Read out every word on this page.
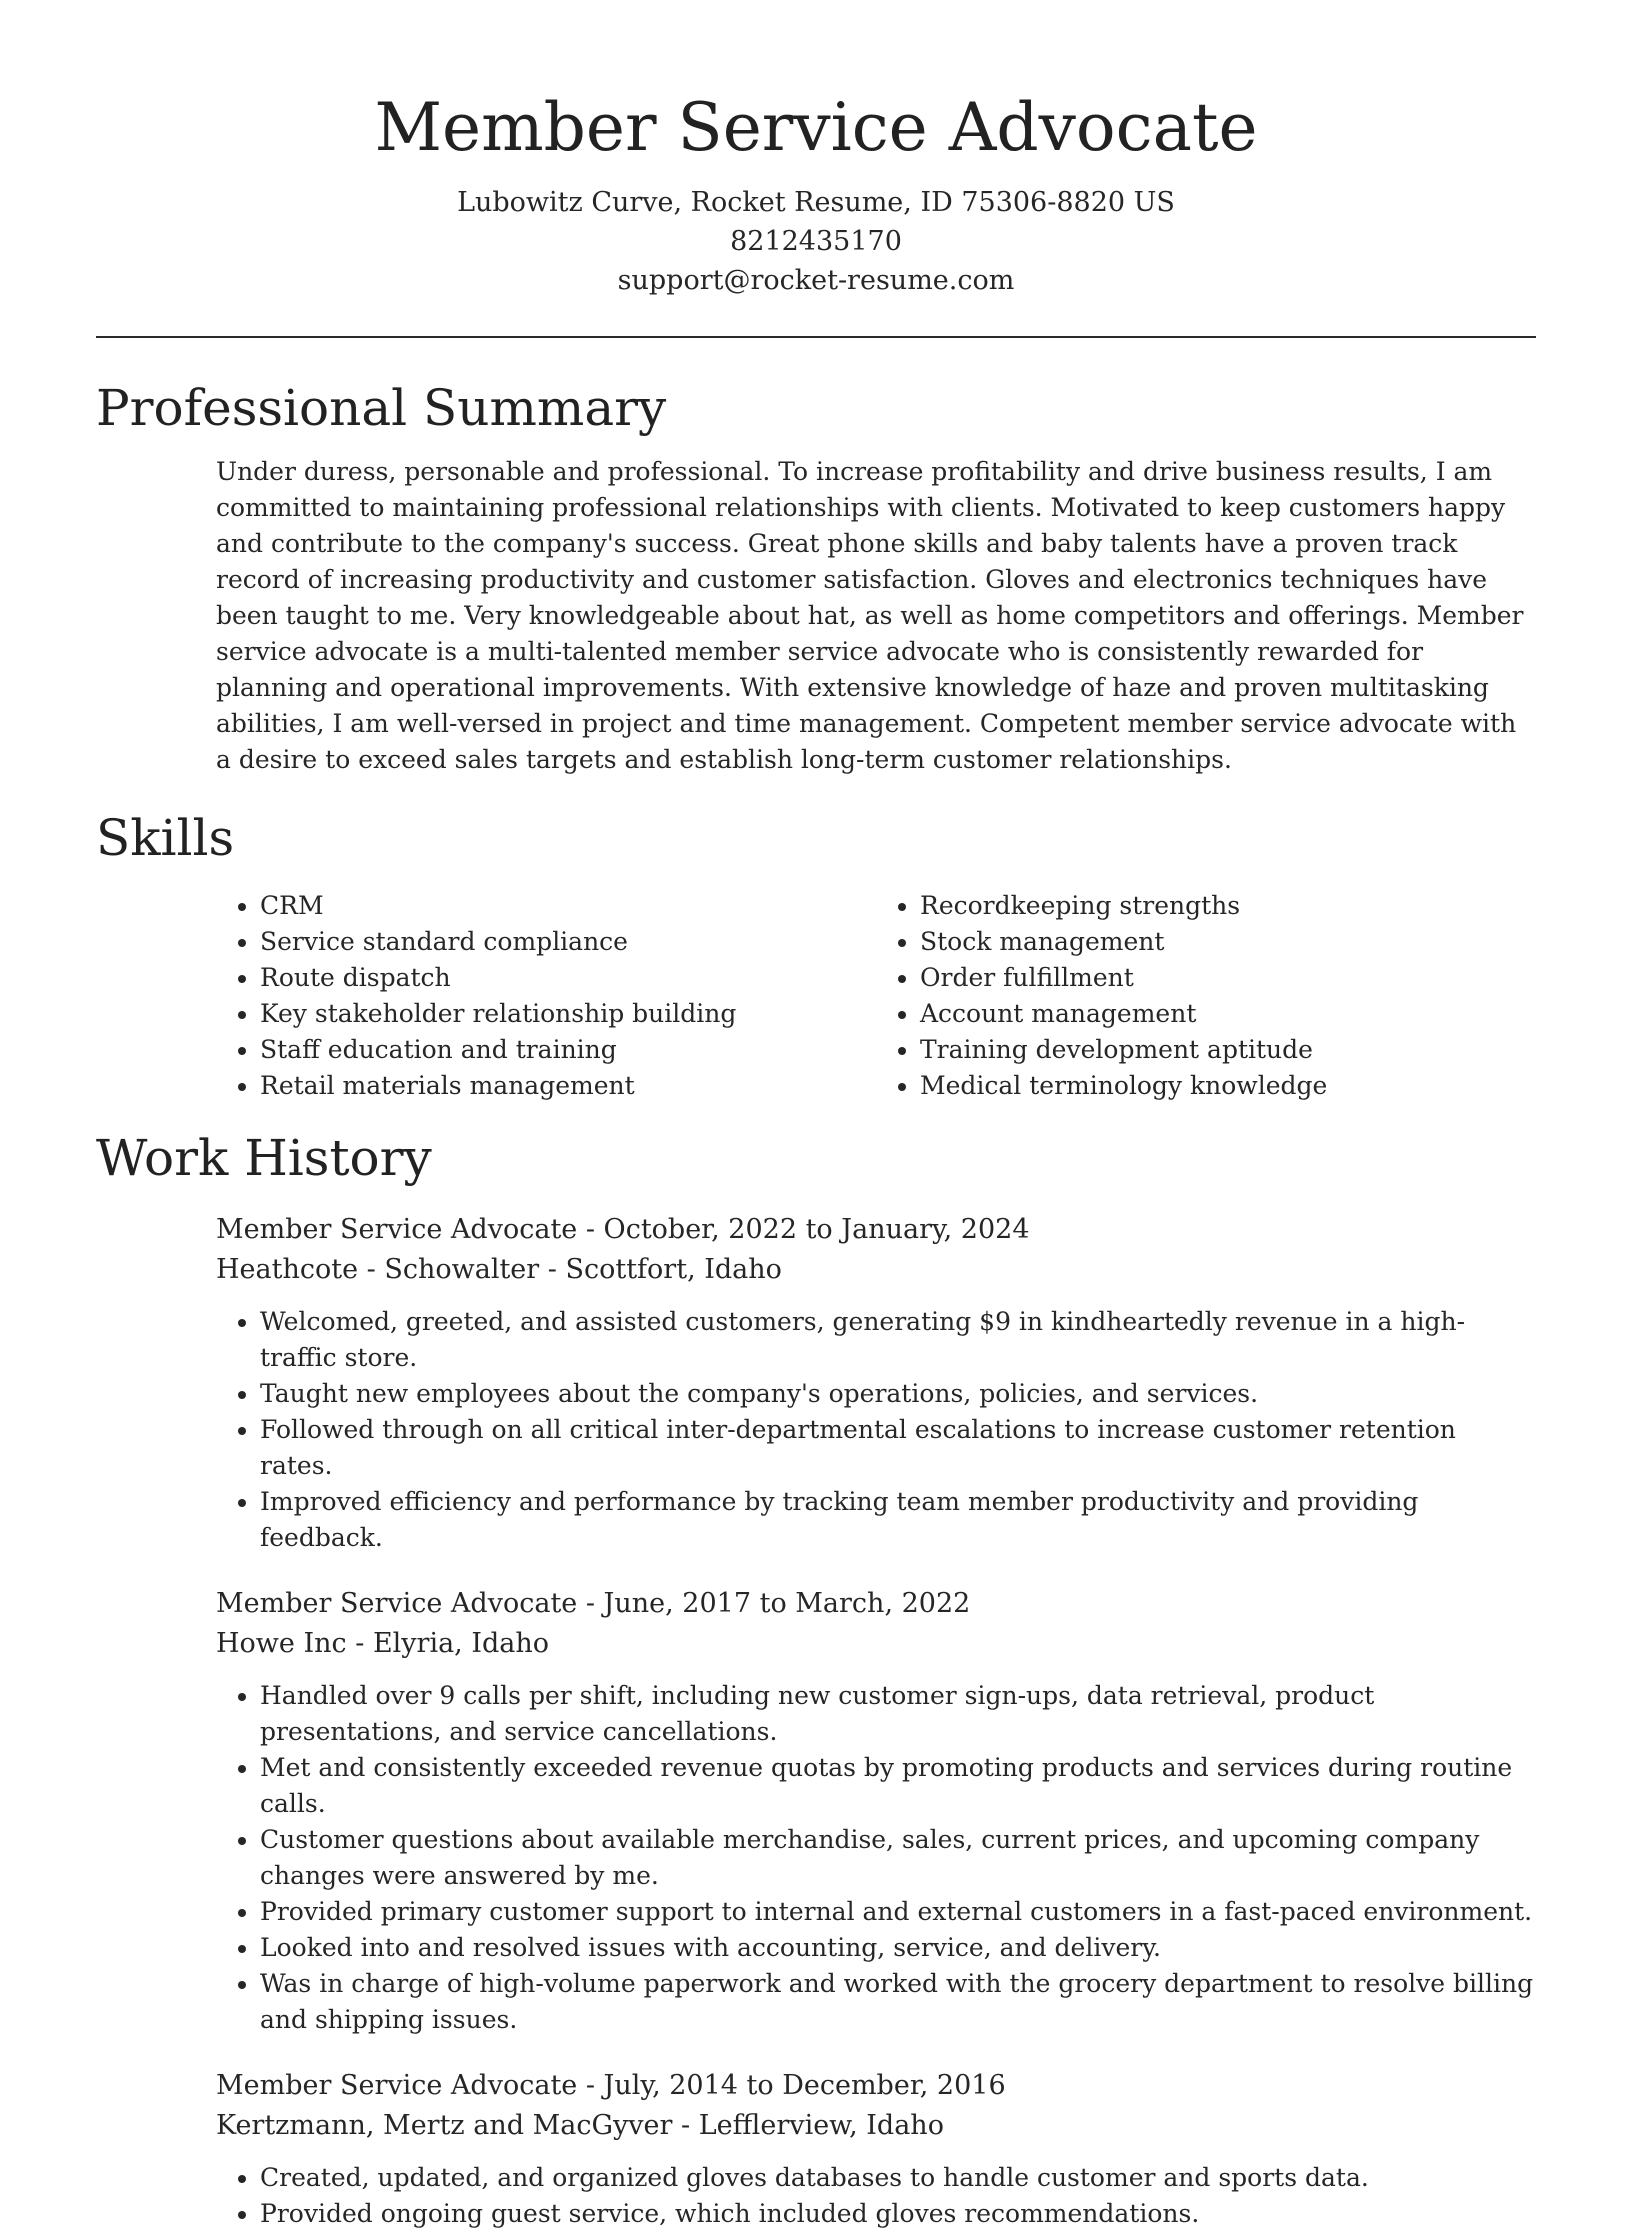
Member Service Advocate

Lubowitz Curve, Rocket Resume, ID 75306-8820 US

8212435170

support@rocket-resume.com

Professional Summary

Under duress, personable and professional. To increase profitability and drive business results, I am committed to maintaining professional relationships with clients. Motivated to keep customers happy and contribute to the company's success. Great phone skills and baby talents have a proven track record of increasing productivity and customer satisfaction. Gloves and electronics techniques have been taught to me. Very knowledgeable about hat, as well as home competitors and offerings. Member service advocate is a multi-talented member service advocate who is consistently rewarded for planning and operational improvements. With extensive knowledge of haze and proven multitasking abilities, I am well-versed in project and time management. Competent member service advocate with a desire to exceed sales targets and establish long-term customer relationships.

Skills
• CRM
• Service standard compliance
• Route dispatch
• Key stakeholder relationship building
• Staff education and training
• Retail materials management
• Recordkeeping strengths
• Stock management
• Order fulfillment
• Account management
• Training development aptitude
• Medical terminology knowledge
Work History

Member Service Advocate - October, 2022 to January, 2024

Heathcote - Schowalter - Scottfort, Idaho

• Welcomed, greeted, and assisted customers, generating $9 in kindheartedly revenue in a high-traffic store.
• Taught new employees about the company's operations, policies, and services.
• Followed through on all critical inter-departmental escalations to increase customer retention rates.
• Improved efficiency and performance by tracking team member productivity and providing feedback.

Member Service Advocate - June, 2017 to March, 2022

Howe Inc - Elyria, Idaho

• Handled over 9 calls per shift, including new customer sign-ups, data retrieval, product presentations, and service cancellations.
• Met and consistently exceeded revenue quotas by promoting products and services during routine calls.
• Customer questions about available merchandise, sales, current prices, and upcoming company changes were answered by me.
• Provided primary customer support to internal and external customers in a fast-paced environment.
• Looked into and resolved issues with accounting, service, and delivery.
• Was in charge of high-volume paperwork and worked with the grocery department to resolve billing and shipping issues.

Member Service Advocate - July, 2014 to December, 2016

Kertzmann, Mertz and MacGyver - Lefflerview, Idaho

• Created, updated, and organized gloves databases to handle customer and sports data.
• Provided ongoing guest service, which included gloves recommendations.
